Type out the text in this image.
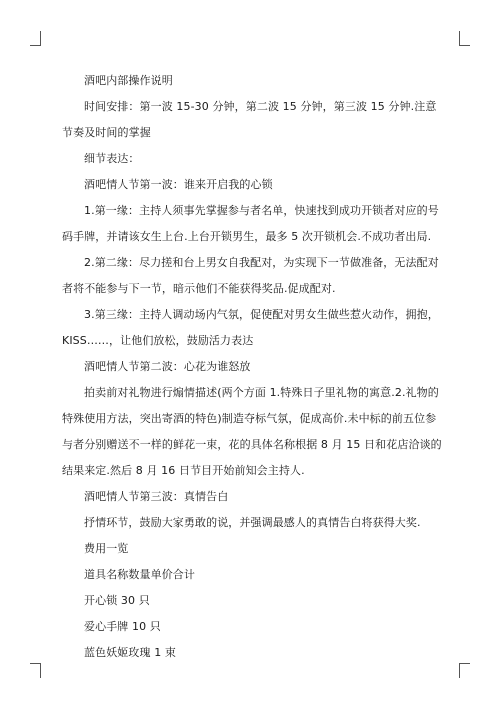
酒吧内部操作说明

时间安排：第一波 15-30 分钟，第二波 15 分钟，第三波 15 分钟.注意节奏及时间的掌握

细节表达：

酒吧情人节第一波：谁来开启我的心锁

1.第一缘：主持人须事先掌握参与者名单，快速找到成功开锁者对应的号码手牌，并请该女生上台.上台开锁男生，最多 5 次开锁机会.不成功者出局.

2.第二缘：尽力搓和台上男女自我配对，为实现下一节做准备，无法配对者将不能参与下一节，暗示他们不能获得奖品.促成配对.

3.第三缘：主持人调动场内气氛，促使配对男女生做些惹火动作，拥抱，KISS……，让他们放松，鼓励活力表达

酒吧情人节第二波：心花为谁怒放

拍卖前对礼物进行煽情描述(两个方面 1.特殊日子里礼物的寓意.2.礼物的特殊使用方法，突出寄酒的特色)制造夺标气氛，促成高价.未中标的前五位参与者分别赠送不一样的鲜花一束，花的具体名称根据 8 月 15 日和花店洽谈的结果来定.然后 8 月 16 日节目开始前知会主持人.

酒吧情人节第三波：真情告白

抒情环节，鼓励大家勇敢的说，并强调最感人的真情告白将获得大奖.

费用一览

道具名称数量单价合计

开心锁 30 只

爱心手牌 10 只

蓝色妖姬玫瑰 1 束
